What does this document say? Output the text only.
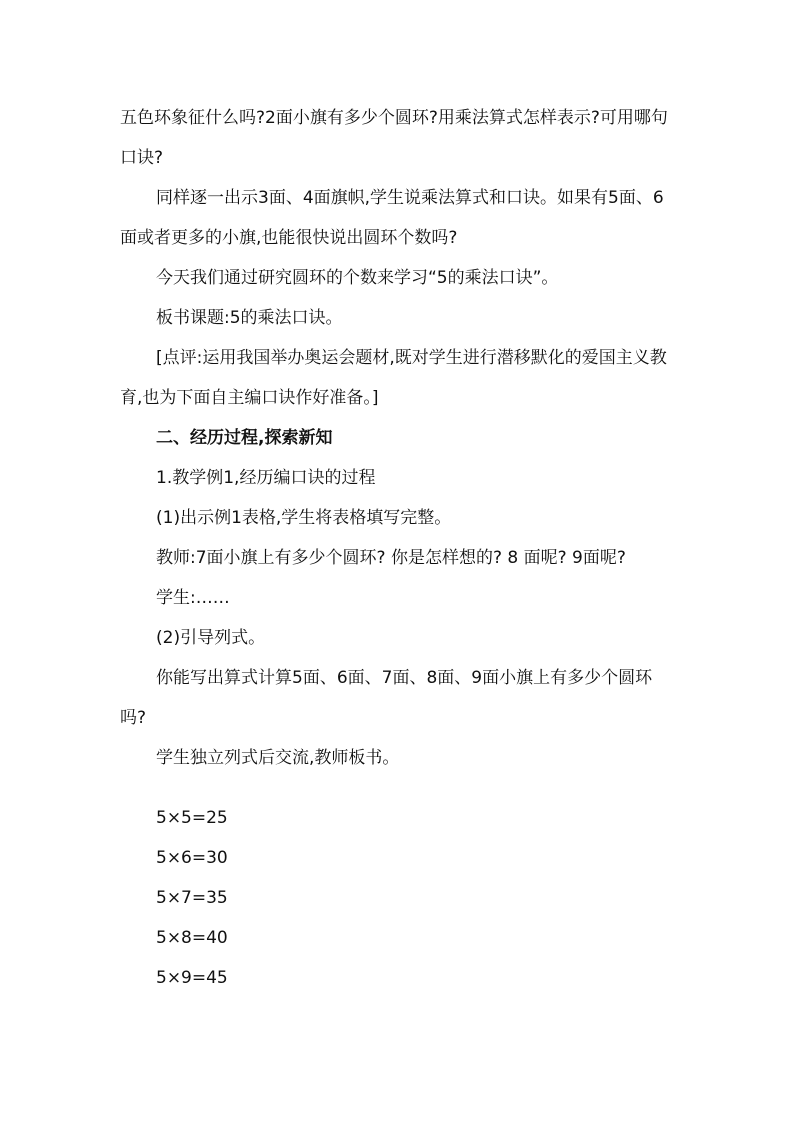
五色环象征什么吗?2面小旗有多少个圆环?用乘法算式怎样表示?可用哪句口诀?

同样逐一出示3面、4面旗帜,学生说乘法算式和口诀。如果有5面、6面或者更多的小旗,也能很快说出圆环个数吗?

今天我们通过研究圆环的个数来学习“5的乘法口诀”。

板书课题:5的乘法口诀。

[点评:运用我国举办奥运会题材,既对学生进行潜移默化的爱国主义教育,也为下面自主编口诀作好准备。]

二、经历过程,探索新知

1.教学例1,经历编口诀的过程

(1)出示例1表格,学生将表格填写完整。

教师:7面小旗上有多少个圆环? 你是怎样想的? 8 面呢? 9面呢?

学生:……

(2)引导列式。

你能写出算式计算5面、6面、7面、8面、9面小旗上有多少个圆环吗?

学生独立列式后交流,教师板书。

5×5=25

5×6=30

5×7=35

5×8=40

5×9=45
